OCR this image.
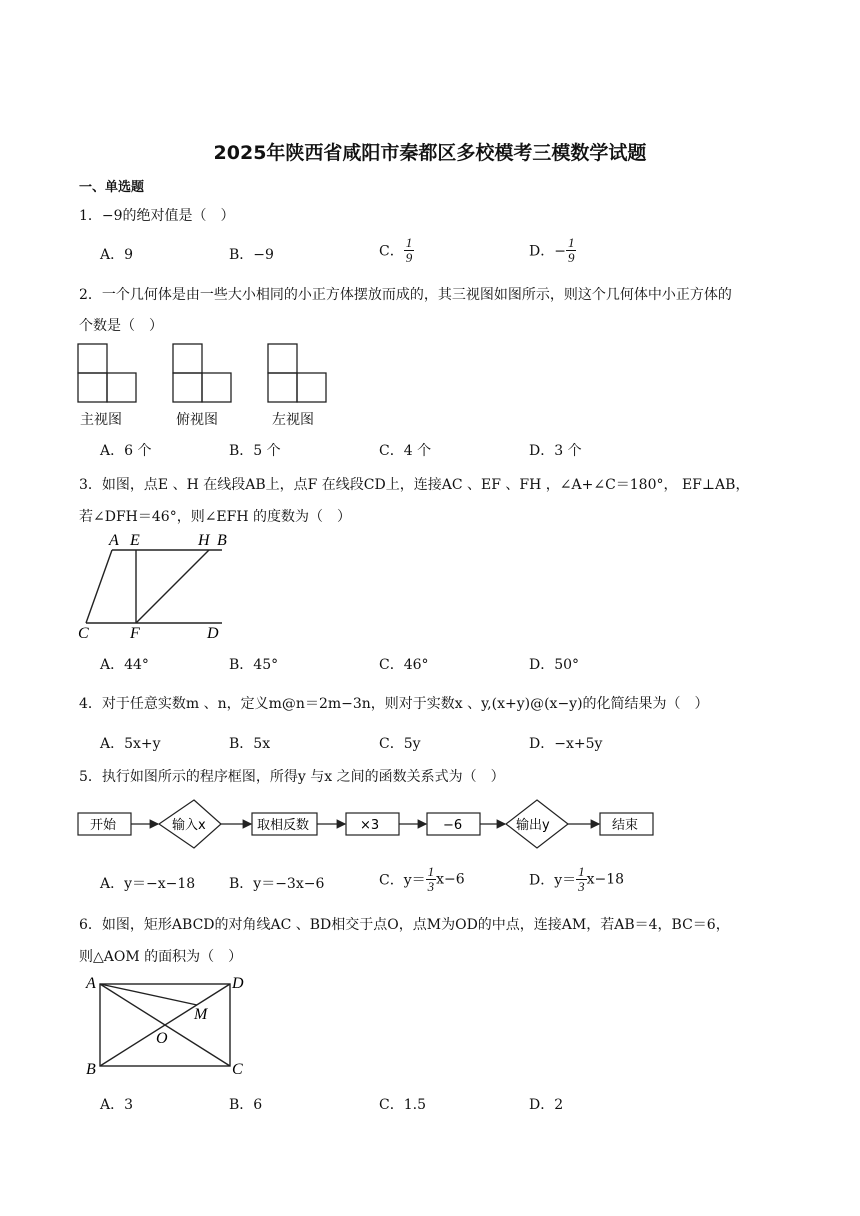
2025年陕西省咸阳市秦都区多校模考三模数学试题
一、单选题
1．−9的绝对值是（　）
A．9	B．−9	C． $\frac{1}{9}$	D．− $\frac{1}{9}$
2．一个几何体是由一些大小相同的小正方体摆放而成的，其三视图如图所示，则这个几何体中小正方体的
个数是（　）
主视图	俯视图	左视图
A．6 个	B．5 个	C．4 个	D．3 个
3．如图，点E 、H 在线段AB上，点F 在线段CD上，连接AC 、EF 、FH ，∠A+∠C＝180°， EF⊥AB，
若∠DFH＝46°，则∠EFH 的度数为（　）
A E	H B
C	F	D
A．44°	B．45°	C．46°	D．50°
4．对于任意实数m 、n，定义m@n＝2m−3n，则对于实数x 、y,(x+y)@(x−y)的化简结果为（　）
A．5x+y	B．5x	C．5y	D．−x+5y
5．执行如图所示的程序框图，所得y 与x 之间的函数关系式为（　）
开始	输入x	取相反数	×3	−6	输出y	结束
A．y＝−x−18 B．y＝−3x−6	C．$y= \frac{1}{3} x-6$	D．$y= \frac{1}{3} x-18$
6．如图，矩形ABCD的对角线AC 、BD相交于点O，点M为OD的中点，连接AM，若AB＝4，BC＝6，
则△AOM 的面积为（　）
A	D
M
O
B	C
A．3	B．6	C．1.5	D．2
